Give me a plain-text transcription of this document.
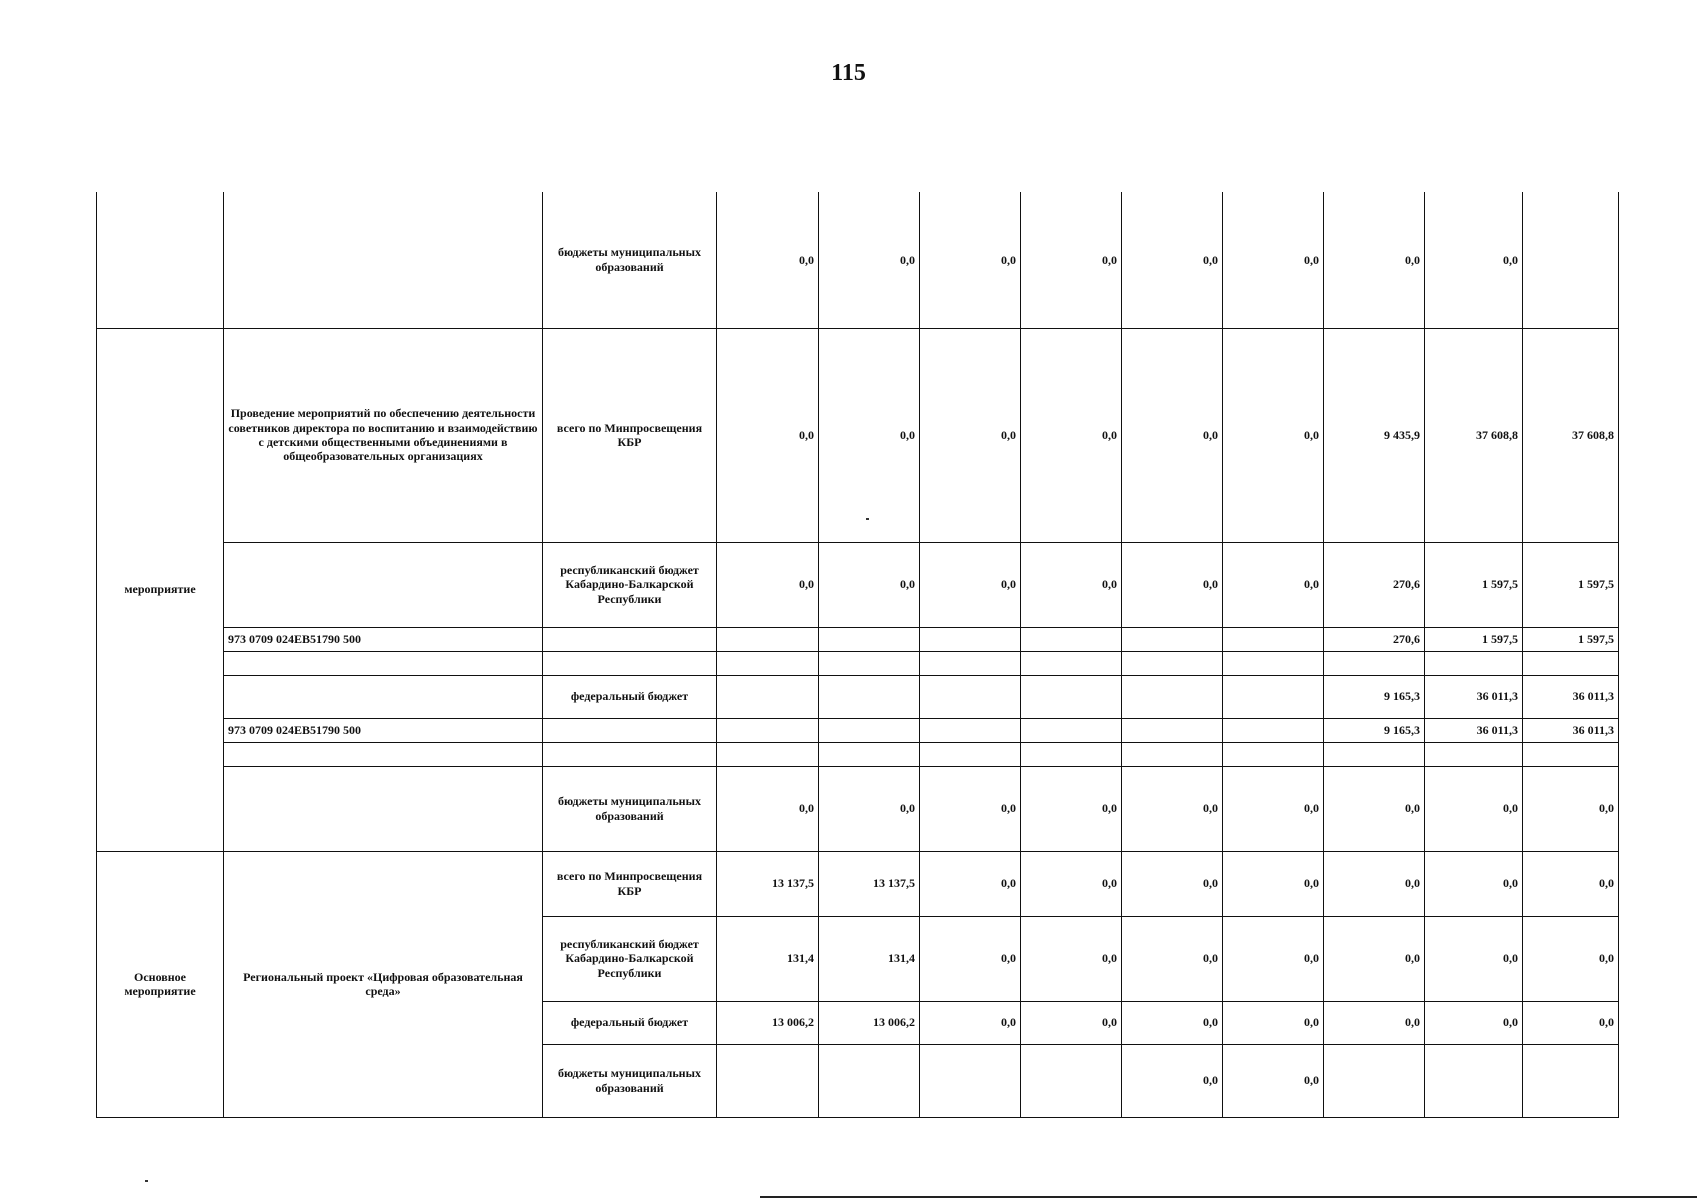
115
		бюджеты муниципальных образований	0,0	0,0	0,0	0,0	0,0	0,0	0,0	0,0	
мероприятие	Проведение мероприятий по обеспечению деятельности советников директора по воспитанию и взаимодействию с детскими общественными объединениями в общеобразовательных организациях	всего по Минпросвещения КБР	0,0	0,0	0,0	0,0	0,0	0,0	9 435,9	37 608,8	37 608,8
		республиканский бюджет Кабардино-Балкарской Республики	0,0	0,0	0,0	0,0	0,0	0,0	270,6	1 597,5	1 597,5
	973 0709 024EB51790 500								270,6	1 597,5	1 597,5

		федеральный бюджет							9 165,3	36 011,3	36 011,3
	973 0709 024EB51790 500								9 165,3	36 011,3	36 011,3

		бюджеты муниципальных образований	0,0	0,0	0,0	0,0	0,0	0,0	0,0	0,0	0,0
Основное мероприятие	Региональный проект «Цифровая образовательная среда»	всего по Минпросвещения КБР	13 137,5	13 137,5	0,0	0,0	0,0	0,0	0,0	0,0	0,0
		республиканский бюджет Кабардино-Балкарской Республики	131,4	131,4	0,0	0,0	0,0	0,0	0,0	0,0	0,0
		федеральный бюджет	13 006,2	13 006,2	0,0	0,0	0,0	0,0	0,0	0,0	0,0
		бюджеты муниципальных образований					0,0	0,0			
